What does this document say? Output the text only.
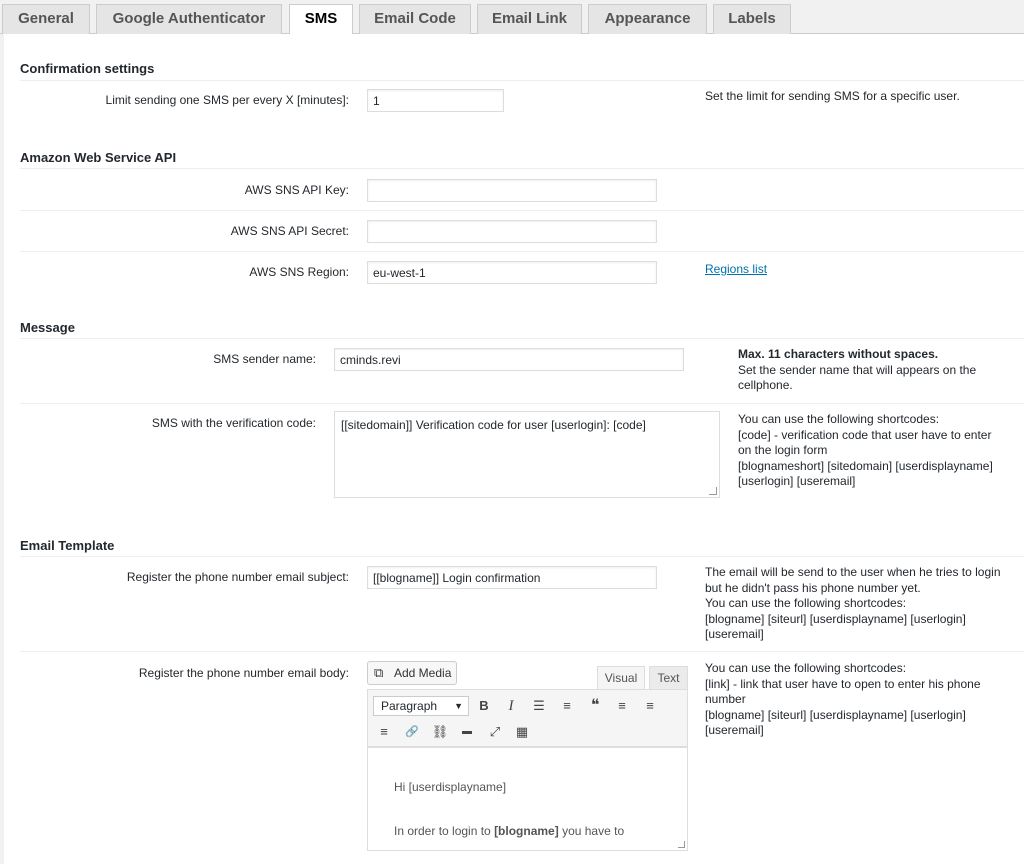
General	Google Authenticator	SMS	Email Code	Email Link	Appearance	Labels
Confirmation settings
Limit sending one SMS per every X [minutes]:	1	Set the limit for sending SMS for a specific user.
Amazon Web Service API
AWS SNS API Key:
AWS SNS API Secret:
AWS SNS Region:	eu-west-1	Regions list
Message
SMS sender name:	cminds.revi	Max. 11 characters without spaces.
Set the sender name that will appears on the cellphone.
SMS with the verification code:	[[sitedomain]] Verification code for user [userlogin]: [code]	You can use the following shortcodes:
[code] - verification code that user have to enter
on the login form
[blognameshort] [sitedomain] [userdisplayname]
[userlogin] [useremail]
Email Template
Register the phone number email subject:	[[blogname]] Login confirmation	The email will be send to the user when he tries to login
but he didn't pass his phone number yet.
You can use the following shortcodes:
[blogname] [siteurl] [userdisplayname] [userlogin]
[useremail]
Register the phone number email body: ⧉ Add Media	Visual	Text
Paragraph ▼	B	I	☰	≡	❝	≡	≡
≡	🔗 ⛓	▬	⤢	▦
Hi [userdisplayname]
In order to login to [blogname] you have to
You can use the following shortcodes:
[link] - link that user have to open to enter his phone
number
[blogname] [siteurl] [userdisplayname] [userlogin]
[useremail]
